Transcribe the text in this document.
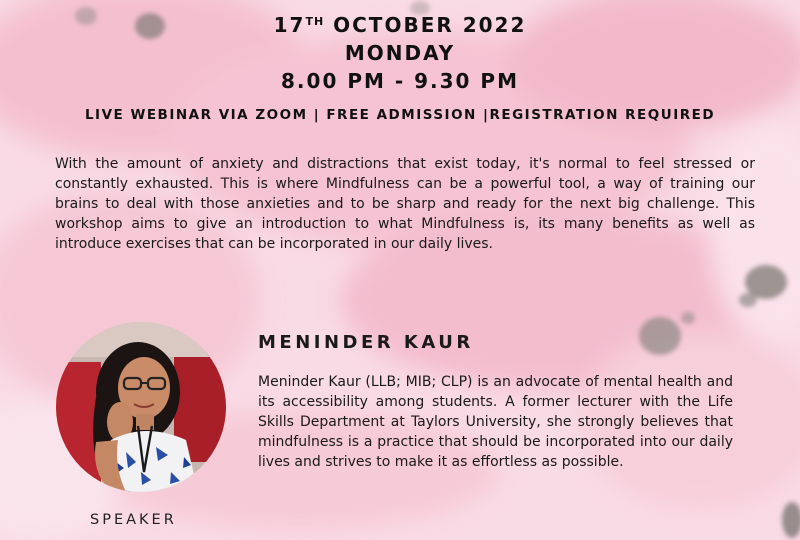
17TH OCTOBER 2022
MONDAY
8.00 PM - 9.30 PM
LIVE WEBINAR VIA ZOOM | FREE ADMISSION |REGISTRATION REQUIRED

With the amount of anxiety and distractions that exist today, it's normal to feel stressed or constantly exhausted. This is where Mindfulness can be a powerful tool, a way of training our brains to deal with those anxieties and to be sharp and ready for the next big challenge. This workshop aims to give an introduction to what Mindfulness is, its many benefits as well as introduce exercises that can be incorporated in our daily lives.

SPEAKER
MENINDER KAUR

Meninder Kaur (LLB; MIB; CLP) is an advocate of mental health and its accessibility among students. A former lecturer with the Life Skills Department at Taylors University, she strongly believes that mindfulness is a practice that should be incorporated into our daily lives and strives to make it as effortless as possible.
